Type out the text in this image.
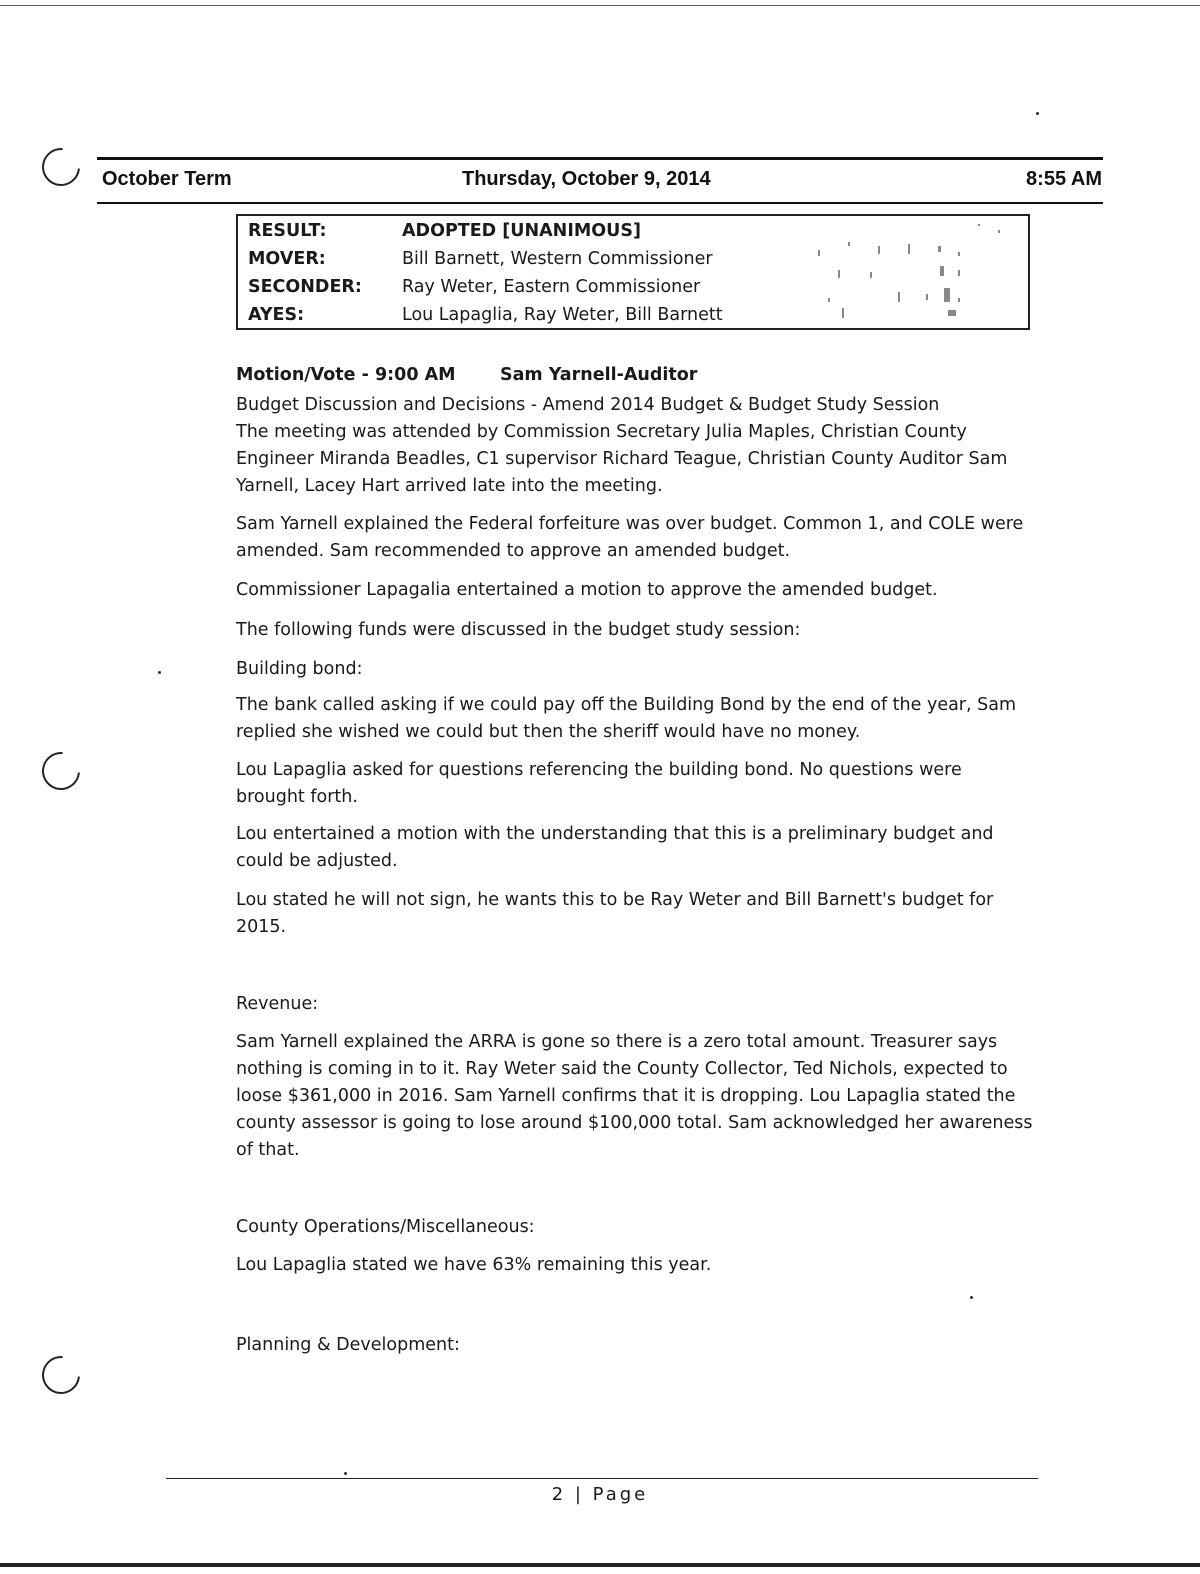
October Term	Thursday, October 9, 2014	8:55 AM
RESULT:	ADOPTED [UNANIMOUS]
MOVER:	Bill Barnett, Western Commissioner
SECONDER: Ray Weter, Eastern Commissioner
AYES:	Lou Lapaglia, Ray Weter, Bill Barnett
Motion/Vote - 9:00 AM	Sam Yarnell-Auditor
Budget Discussion and Decisions - Amend 2014 Budget & Budget Study Session
The meeting was attended by Commission Secretary Julia Maples, Christian County Engineer Miranda Beadles, C1 supervisor Richard Teague, Christian County Auditor Sam Yarnell, Lacey Hart arrived late into the meeting.
Sam Yarnell explained the Federal forfeiture was over budget. Common 1, and COLE were amended. Sam recommended to approve an amended budget.
Commissioner Lapagalia entertained a motion to approve the amended budget.
The following funds were discussed in the budget study session:
Building bond:
The bank called asking if we could pay off the Building Bond by the end of the year, Sam replied she wished we could but then the sheriff would have no money.
Lou Lapaglia asked for questions referencing the building bond. No questions were brought forth.
Lou entertained a motion with the understanding that this is a preliminary budget and could be adjusted.
Lou stated he will not sign, he wants this to be Ray Weter and Bill Barnett's budget for 2015.
Revenue:
Sam Yarnell explained the ARRA is gone so there is a zero total amount. Treasurer says nothing is coming in to it. Ray Weter said the County Collector, Ted Nichols, expected to loose $361,000 in 2016. Sam Yarnell confirms that it is dropping. Lou Lapaglia stated the county assessor is going to lose around $100,000 total. Sam acknowledged her awareness of that.
County Operations/Miscellaneous:
Lou Lapaglia stated we have 63% remaining this year.
Planning & Development:
2 | Page
